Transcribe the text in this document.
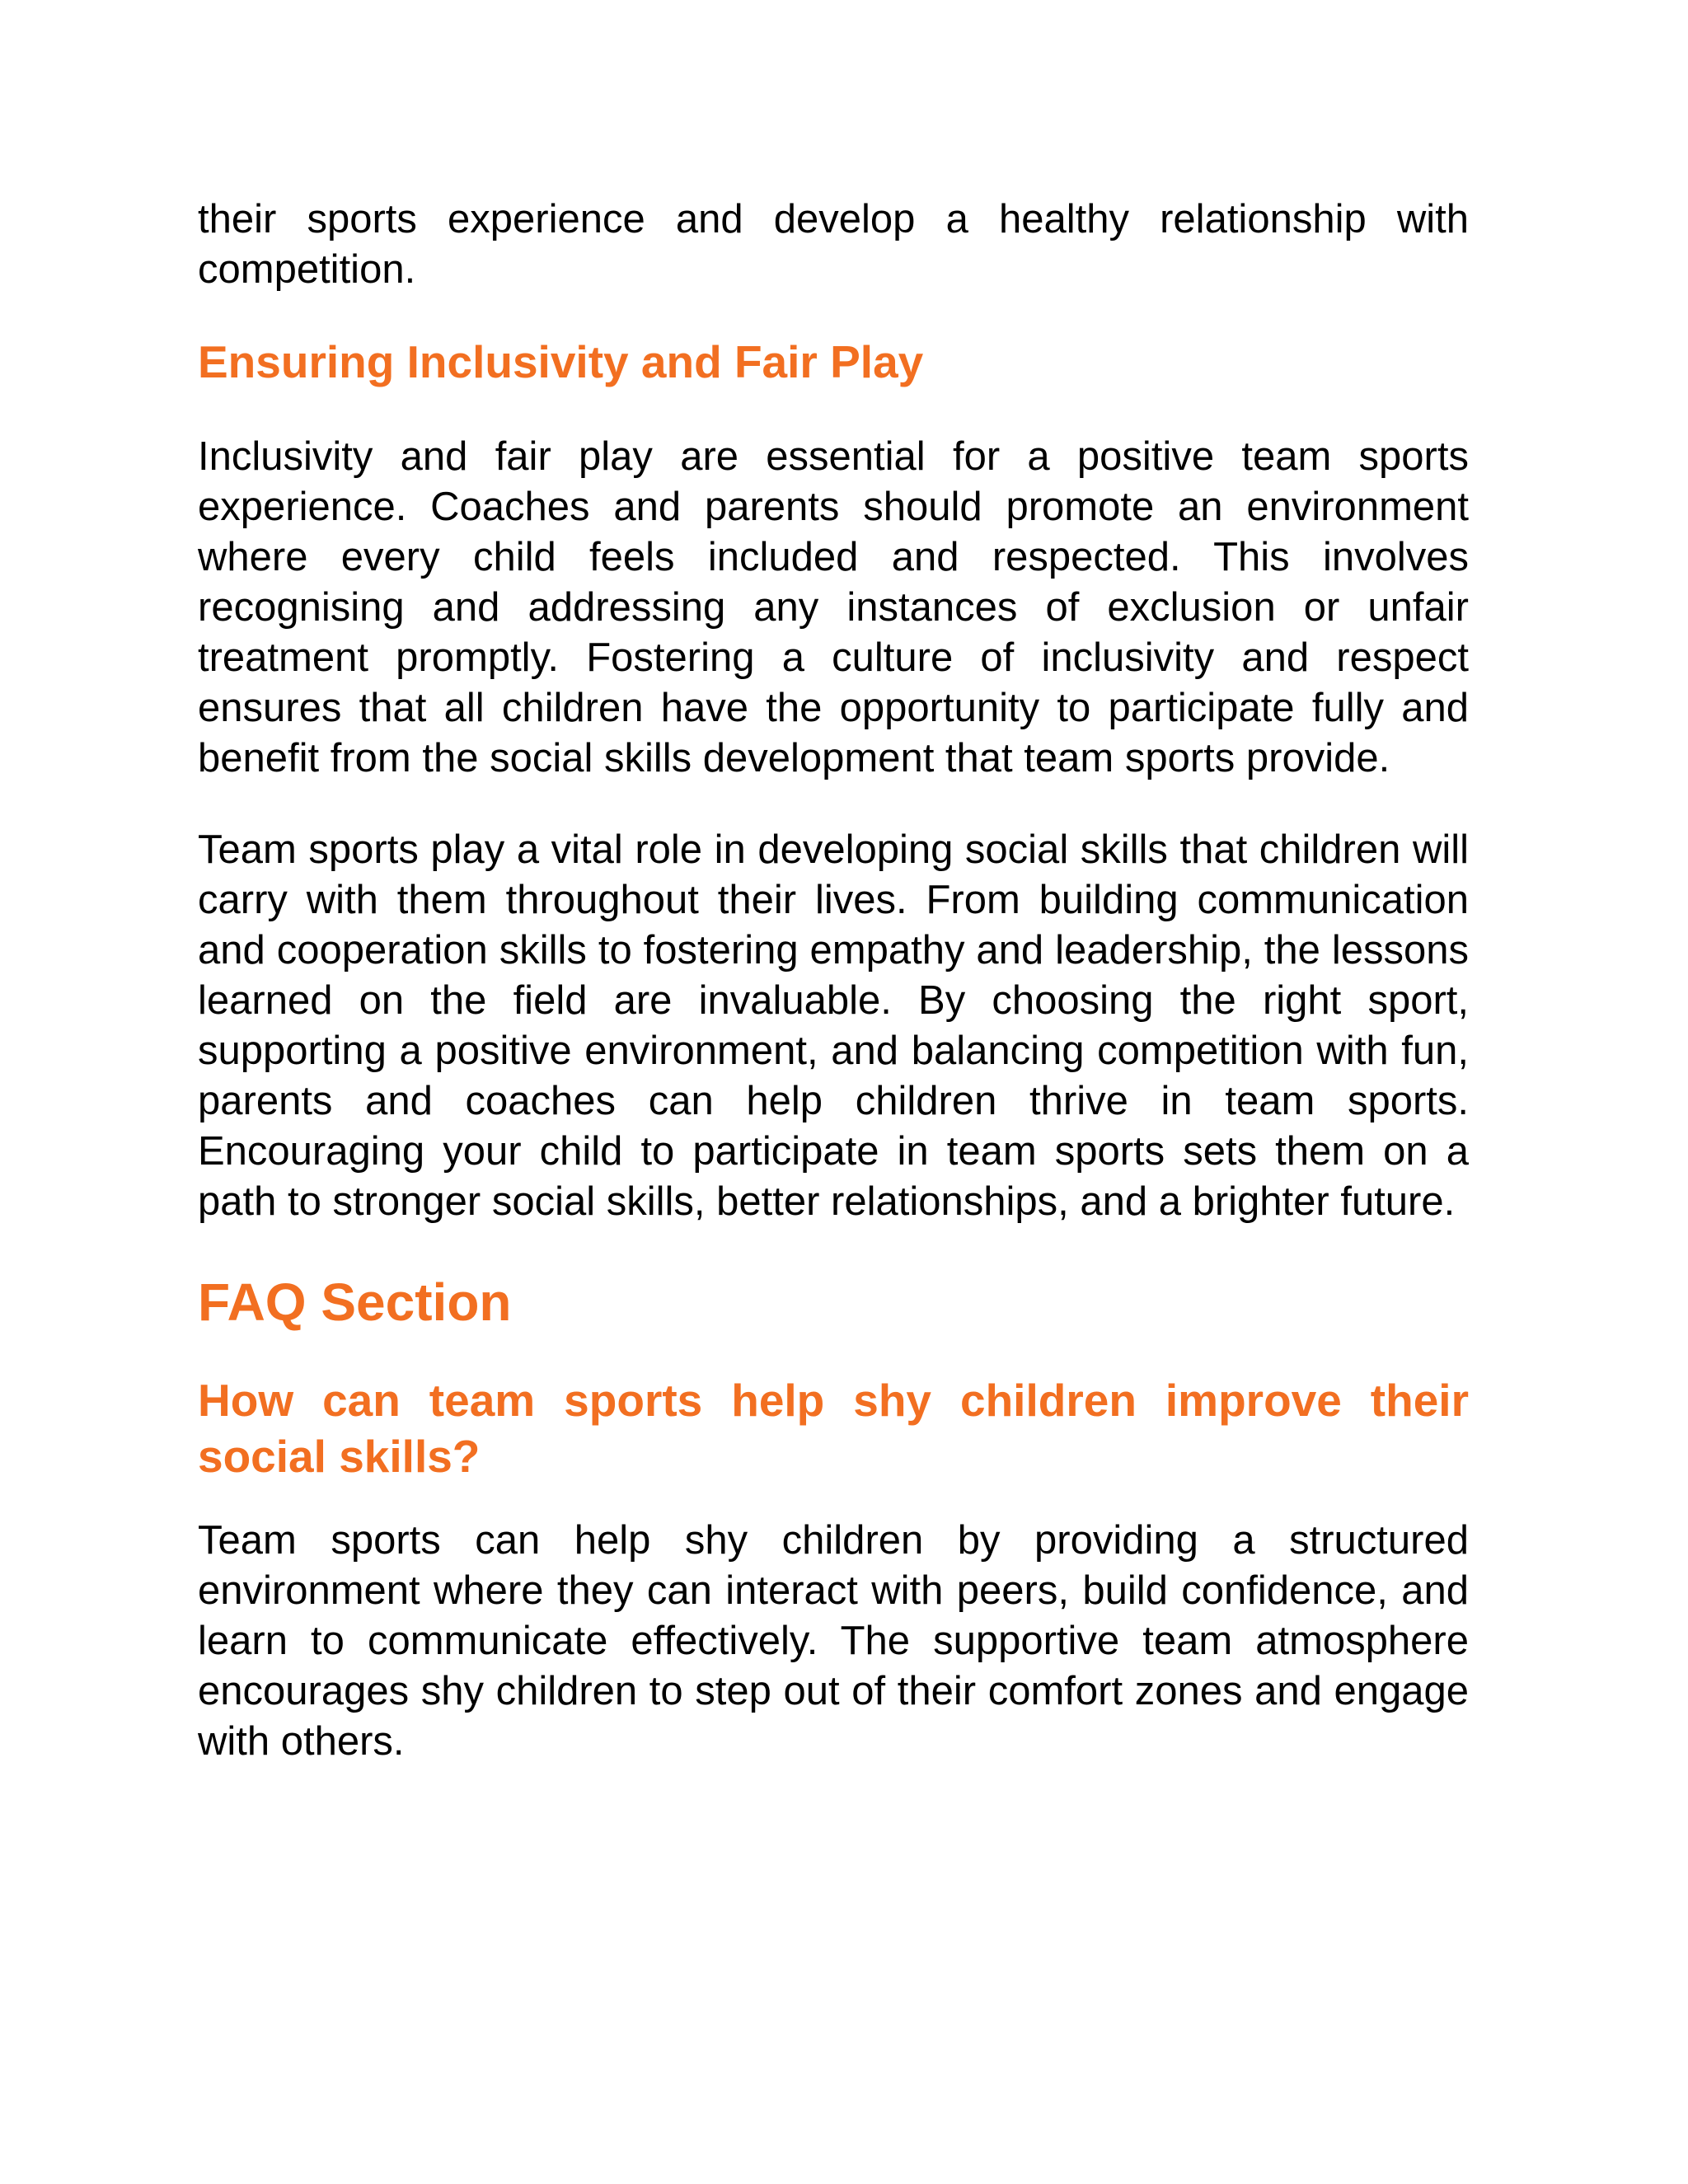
their sports experience and develop a healthy relationship with competition.

Ensuring Inclusivity and Fair Play

Inclusivity and fair play are essential for a positive team sports experience. Coaches and parents should promote an environment where every child feels included and respected. This involves recognising and addressing any instances of exclusion or unfair treatment promptly. Fostering a culture of inclusivity and respect ensures that all children have the opportunity to participate fully and benefit from the social skills development that team sports provide.

Team sports play a vital role in developing social skills that children will carry with them throughout their lives. From building communication and cooperation skills to fostering empathy and leadership, the lessons learned on the field are invaluable. By choosing the right sport, supporting a positive environment, and balancing competition with fun, parents and coaches can help children thrive in team sports. Encouraging your child to participate in team sports sets them on a path to stronger social skills, better relationships, and a brighter future.

FAQ Section
How can team sports help shy children improve their social skills?

Team sports can help shy children by providing a structured environment where they can interact with peers, build confidence, and learn to communicate effectively. The supportive team atmosphere encourages shy children to step out of their comfort zones and engage with others.
